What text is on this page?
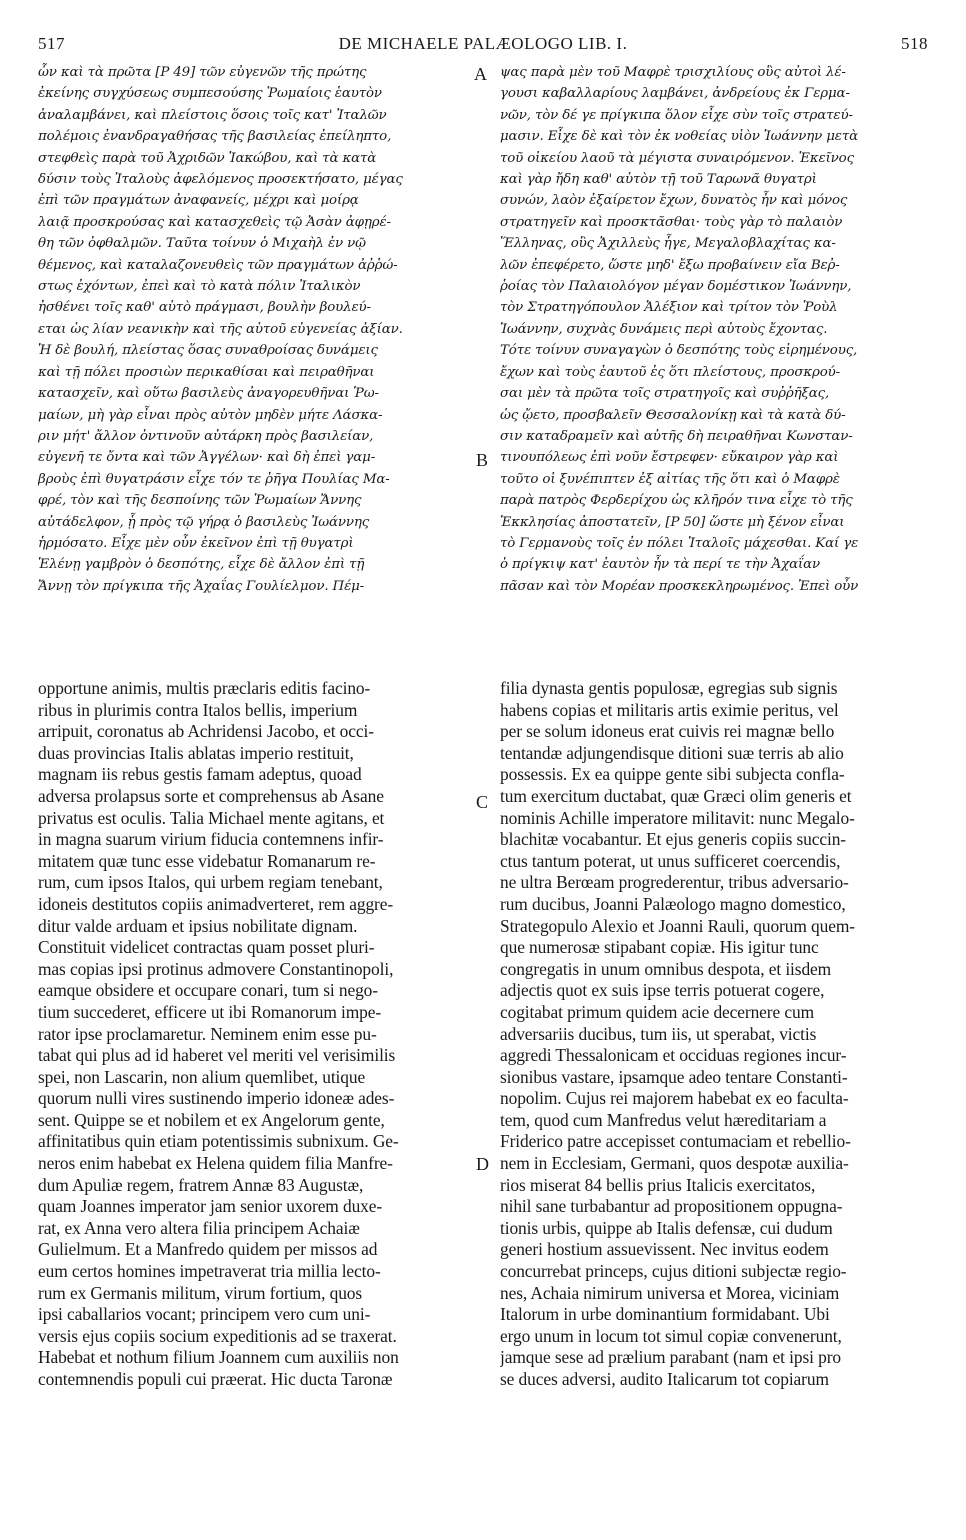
517	DE MICHAELE PALÆOLOGO LIB. I.	518
ὧν καὶ τὰ πρῶτα [P 49] τῶν εὐγενῶν τῆς πρώτης
ἐκείνης συγχύσεως συμπεσούσης Ῥωμαίοις ἑαυτὸν
ἀναλαμβάνει, καὶ πλείστοις ὅσοις τοῖς κατ' Ἰταλῶν
πολέμοις ἐνανδραγαθήσας τῆς βασιλείας ἐπείληπτο,
στεφθεὶς παρὰ τοῦ Ἀχριδῶν Ἰακώβου, καὶ τὰ κατὰ
δύσιν τοὺς Ἰταλοὺς ἀφελόμενος προσεκτήσατο, μέγας
ἐπὶ τῶν πραγμάτων ἀναφανείς, μέχρι καὶ μοίρᾳ
λαιᾷ προσκρούσας καὶ κατασχεθεὶς τῷ Ἀσὰν ἀφῃρέ-
θη τῶν ὀφθαλμῶν. Ταῦτα τοίνυν ὁ Μιχαὴλ ἐν νῷ
θέμενος, καὶ καταλαζονευθεὶς τῶν πραγμάτων ἀῤῥώ-
στως ἐχόντων, ἐπεὶ καὶ τὸ κατὰ πόλιν Ἰταλικὸν
ἠσθένει τοῖς καθ' αὑτὸ πράγμασι, βουλὴν βουλεύ-
εται ὡς λίαν νεανικὴν καὶ τῆς αὑτοῦ εὐγενείας ἀξίαν.
Ἡ δὲ βουλή, πλείστας ὅσας συναθροίσας δυνάμεις
καὶ τῇ πόλει προσιὼν περικαθίσαι καὶ πειραθῆναι
κατασχεῖν, καὶ οὕτω βασιλεὺς ἀναγορευθῆναι Ῥω-
μαίων, μὴ γὰρ εἶναι πρὸς αὐτὸν μηδὲν μήτε Λάσκα-
ριν μήτ' ἄλλον ὁντινοῦν αὐτάρκη πρὸς βασιλείαν,
εὐγενῆ τε ὄντα καὶ τῶν Ἀγγέλων· καὶ δὴ ἐπεὶ γαμ-
βροὺς ἐπὶ θυγατράσιν εἶχε τόν τε ῥῆγα Πουλίας Μα-
φρέ, τὸν καὶ τῆς δεσποίνης τῶν Ῥωμαίων Ἄννης
αὐτάδελφον, ᾗ πρὸς τῷ γήρᾳ ὁ βασιλεὺς Ἰωάννης
ἡρμόσατο. Εἶχε μὲν οὖν ἐκεῖνον ἐπὶ τῇ θυγατρὶ
Ἑλένῃ γαμβρὸν ὁ δεσπότης, εἶχε δὲ ἄλλον ἐπὶ τῇ
Ἄννῃ τὸν πρίγκιπα τῆς Ἀχαΐας Γουλίελμον. Πέμ-
ψας παρὰ μὲν τοῦ Μαφρὲ τρισχιλίους οὓς αὐτοὶ λέ-
γουσι καβαλλαρίους λαμβάνει, ἀνδρείους ἐκ Γερμα-
νῶν, τὸν δέ γε πρίγκιπα ὅλον εἶχε σὺν τοῖς στρατεύ-
μασιν. Εἶχε δὲ καὶ τὸν ἐκ νοθείας υἱὸν Ἰωάννην μετὰ
τοῦ οἰκείου λαοῦ τὰ μέγιστα συναιρόμενον. Ἐκεῖνος
καὶ γὰρ ἤδη καθ' αὑτὸν τῇ τοῦ Ταρωνᾶ θυγατρὶ
συνών, λαὸν ἐξαίρετον ἔχων, δυνατὸς ἦν καὶ μόνος
στρατηγεῖν καὶ προσκτᾶσθαι· τοὺς γὰρ τὸ παλαιὸν
Ἕλληνας, οὓς Ἀχιλλεὺς ἦγε, Μεγαλοβλαχίτας κα-
λῶν ἐπεφέρετο, ὥστε μηδ' ἔξω προβαίνειν εἴα Βεῤ-
ῥοίας τὸν Παλαιολόγον μέγαν δομέστικον Ἰωάννην,
τὸν Στρατηγόπουλον Ἀλέξιον καὶ τρίτον τὸν Ῥοὺλ
Ἰωάννην, συχνὰς δυνάμεις περὶ αὐτοὺς ἔχοντας.
Τότε τοίνυν συναγαγὼν ὁ δεσπότης τοὺς εἰρημένους,
ἔχων καὶ τοὺς ἑαυτοῦ ἐς ὅτι πλείστους, προσκρού-
σαι μὲν τὰ πρῶτα τοῖς στρατηγοῖς καὶ συῤῥῆξας,
ὡς ᾤετο, προσβαλεῖν Θεσσαλονίκῃ καὶ τὰ κατὰ δύ-
σιν καταδραμεῖν καὶ αὐτῆς δὴ πειραθῆναι Κωνσταν-
τινουπόλεως ἐπὶ νοῦν ἔστρεφεν· εὔκαιρον γὰρ καὶ
τοῦτο οἱ ξυνέπιπτεν ἐξ αἰτίας τῆς ὅτι καὶ ὁ Μαφρὲ
παρὰ πατρὸς Φερδερίχου ὡς κλῆρόν τινα εἶχε τὸ τῆς
Ἐκκλησίας ἀποστατεῖν, [P 50] ὥστε μὴ ξένον εἶναι
τὸ Γερμανοὺς τοῖς ἐν πόλει Ἰταλοῖς μάχεσθαι. Καί γε
ὁ πρίγκιψ κατ' ἑαυτὸν ἦν τὰ περί τε τὴν Ἀχαΐαν
πᾶσαν καὶ τὸν Μορέαν προσκεκληρωμένος. Ἐπεὶ οὖν
opportune animis, multis præclaris editis facino-
ribus in plurimis contra Italos bellis, imperium
arripuit, coronatus ab Achridensi Jacobo, et occi-
duas provincias Italis ablatas imperio restituit,
magnam iis rebus gestis famam adeptus, quoad
adversa prolapsus sorte et comprehensus ab Asane
privatus est oculis. Talia Michael mente agitans, et
in magna suarum virium fiducia contemnens infir-
mitatem quæ tunc esse videbatur Romanarum re-
rum, cum ipsos Italos, qui urbem regiam tenebant,
idoneis destitutos copiis animadverteret, rem aggre-
ditur valde arduam et ipsius nobilitate dignam.
Constituit videlicet contractas quam posset pluri-
mas copias ipsi protinus admovere Constantinopoli,
eamque obsidere et occupare conari, tum si nego-
tium succederet, efficere ut ibi Romanorum impe-
rator ipse proclamaretur. Neminem enim esse pu-
tabat qui plus ad id haberet vel meriti vel verisimilis
spei, non Lascarin, non alium quemlibet, utique
quorum nulli vires sustinendo imperio idoneæ ades-
sent. Quippe se et nobilem et ex Angelorum gente,
affinitatibus quin etiam potentissimis subnixum. Ge-
neros enim habebat ex Helena quidem filia Manfre-
dum Apuliæ regem, fratrem Annæ 83 Augustæ,
quam Joannes imperator jam senior uxorem duxe-
rat, ex Anna vero altera filia principem Achaiæ
Gulielmum. Et a Manfredo quidem per missos ad
eum certos homines impetraverat tria millia lecto-
rum ex Germanis militum, virum fortium, quos
ipsi caballarios vocant; principem vero cum uni-
versis ejus copiis socium expeditionis ad se traxerat.
Habebat et nothum filium Joannem cum auxiliis non
contemnendis populi cui præerat. Hic ducta Taronæ
filia dynasta gentis populosæ, egregias sub signis
habens copias et militaris artis eximie peritus, vel
per se solum idoneus erat cuivis rei magnæ bello
tentandæ adjungendisque ditioni suæ terris ab alio
possessis. Ex ea quippe gente sibi subjecta confla-
tum exercitum ductabat, quæ Græci olim generis et
nominis Achille imperatore militavit: nunc Megalo-
blachitæ vocabantur. Et ejus generis copiis succin-
ctus tantum poterat, ut unus sufficeret coercendis,
ne ultra Berœam progrederentur, tribus adversario-
rum ducibus, Joanni Palæologo magno domestico,
Strategopulo Alexio et Joanni Rauli, quorum quem-
que numerosæ stipabant copiæ. His igitur tunc
congregatis in unum omnibus despota, et iisdem
adjectis quot ex suis ipse terris potuerat cogere,
cogitabat primum quidem acie decernere cum
adversariis ducibus, tum iis, ut sperabat, victis
aggredi Thessalonicam et occiduas regiones incur-
sionibus vastare, ipsamque adeo tentare Constanti-
nopolim. Cujus rei majorem habebat ex eo faculta-
tem, quod cum Manfredus velut hæreditariam a
Friderico patre accepisset contumaciam et rebellio-
nem in Ecclesiam, Germani, quos despotæ auxilia-
rios miserat 84 bellis prius Italicis exercitatos,
nihil sane turbabantur ad propositionem oppugna-
tionis urbis, quippe ab Italis defensæ, cui dudum
generi hostium assuevissent. Nec invitus eodem
concurrebat princeps, cujus ditioni subjectæ regio-
nes, Achaia nimirum universa et Morea, viciniam
Italorum in urbe dominantium formidabant. Ubi
ergo unum in locum tot simul copiæ convenerunt,
jamque sese ad prælium parabant (nam et ipsi pro
se duces adversi, audito Italicarum tot copiarum
A
B
C
D
